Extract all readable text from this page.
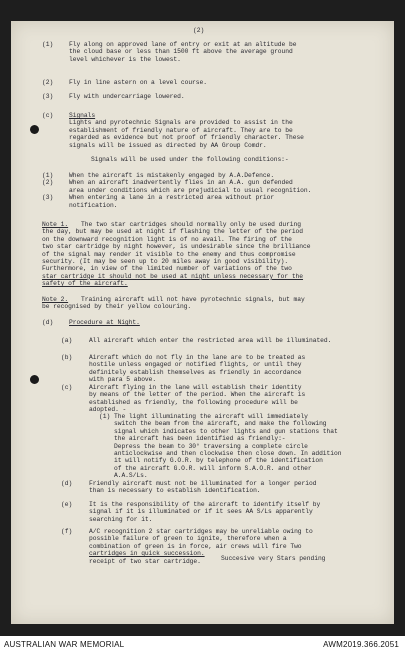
(2)
(1)	Fly along on approved lane of entry or exit at an altitude be
the cloud base or less than 1500 ft above the average ground
level whichever is the lowest.
(2)	Fly in line astern on a level course.
(3)	Fly with undercarriage lowered.
(c)	Signals
Lights and pyrotechnic Signals are provided to assist in the
establishment of friendly nature of aircraft. They are to be
regarded as evidence but not proof of friendly character. These
signals will be issued as directed by AA Group Comdr.
Signals will be used under the following conditions:-
(1)	When the aircraft is mistakenly engaged by A.A.Defence.
(2)	When an aircraft inadvertently flies in an A.A. gun defended
area under conditions which are prejudicial to usual recognition.
(3)	When entering a lane in a restricted area without prior
notification.
Note 1. The two star cartridges should normally only be used during
the day, but may be used at night if flashing the letter of the period
on the downward recognition light is of no avail. The firing of the
two star cartridge by night however, is undesirable since the brilliance
of the signal may render it visible to the enemy and thus compromise
security. (It may be seen up to 20 miles away in good visibility).
Furthermore, in view of the limited number of variations of the two
star cartridge it should not be used at night unless necessary for the
safety of the aircraft.
Note 2. Training aircraft will not have pyrotechnic signals, but may
be recognised by their yellow colouring.
(d)	Procedure at Night.
(a)	All aircraft which enter the restricted area will be illuminated.
(b)	Aircraft which do not fly in the lane are to be treated as
hostile unless engaged or notified flights, or until they
definitely establish themselves as friendly in accordance
with para 5 above.
(c)	Aircraft flying in the lane will establish their identity
by means of the letter of the period. When the aircraft is
established as friendly, the following procedure will be
adopted. -
(d)	Friendly aircraft must not be illuminated for a longer period
than is necessary to establish identification.
(e)	It is the responsibility of the aircraft to identify itself by
signal if it is illuminated or if it sees AA S/Ls apparently
searching for it.
(f)	A/C recognition 2 star cartridges may be unreliable owing to
possible failure of green to ignite, therefore when a
combination of green is in force, air crews will fire Two
cartridges in quick succession.
Succesive very Stars pending
receipt of two star cartridge.
(1) The light illuminating the aircraft will immediately
switch the beam from the aircraft, and make the following
signal which indicates to other lights and gun stations that
the aircraft has been identified as friendly:-
Depress the beam to 30° traversing a complete circle
anticlockwise and then clockwise then close down. In addition
it will notify G.O.R. by telephone of the identification
of the aircraft G.O.R. will inform S.A.O.R. and other
A.A.S/Ls.
AUSTRALIAN WAR MEMORIAL	AWM2019.366.2051
